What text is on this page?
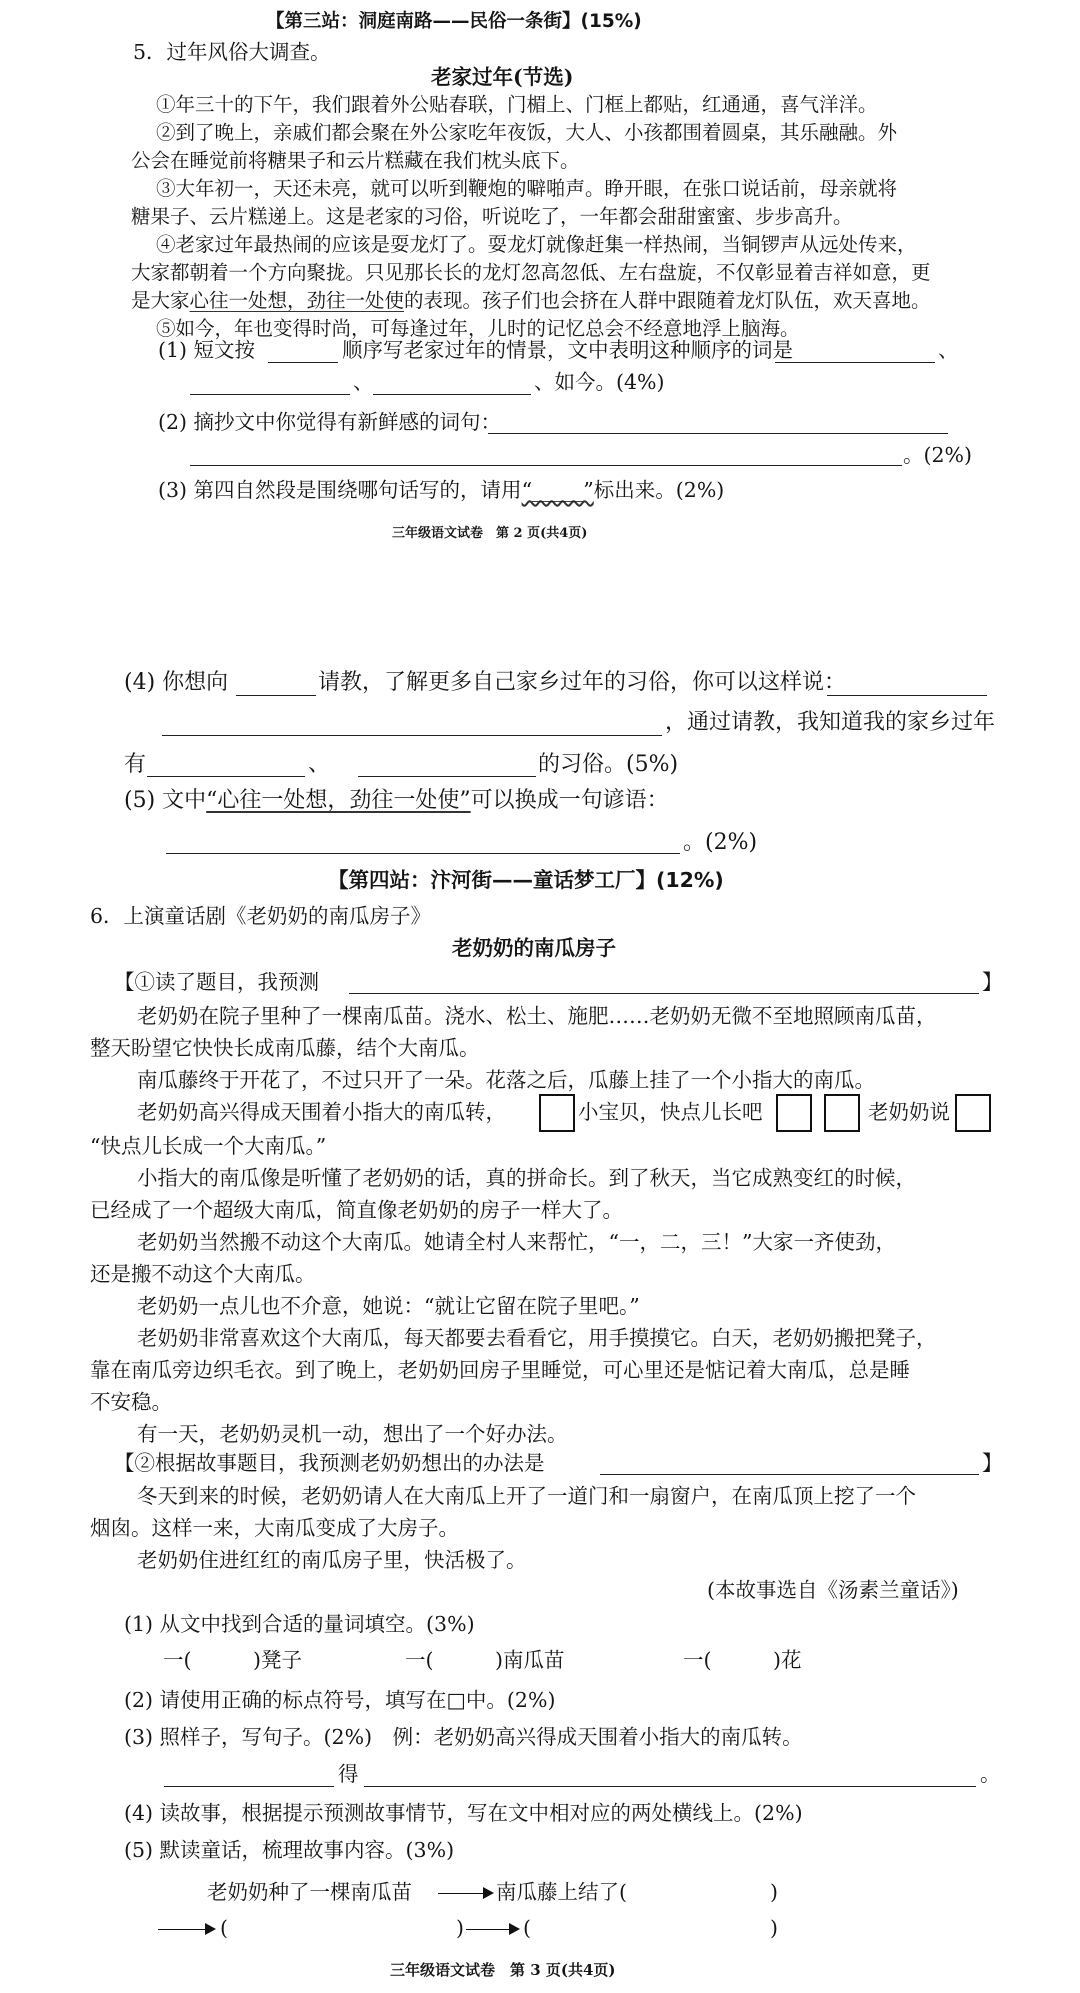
【第三站：洞庭南路——民俗一条街】(15%)
5．过年风俗大调查。
老家过年(节选)
①年三十的下午，我们跟着外公贴春联，门楣上、门框上都贴，红通通，喜气洋洋。
②到了晚上，亲戚们都会聚在外公家吃年夜饭，大人、小孩都围着圆桌，其乐融融。外
公会在睡觉前将糖果子和云片糕藏在我们枕头底下。
③大年初一，天还未亮，就可以听到鞭炮的噼啪声。睁开眼，在张口说话前，母亲就将
糖果子、云片糕递上。这是老家的习俗，听说吃了，一年都会甜甜蜜蜜、步步高升。
④老家过年最热闹的应该是耍龙灯了。耍龙灯就像赶集一样热闹，当铜锣声从远处传来，
大家都朝着一个方向聚拢。只见那长长的龙灯忽高忽低、左右盘旋，不仅彰显着吉祥如意，更
是大家心往一处想，劲往一处使的表现。孩子们也会挤在人群中跟随着龙灯队伍，欢天喜地。
⑤如今，年也变得时尚，可每逢过年，儿时的记忆总会不经意地浮上脑海。
(1) 短文按	顺序写老家过年的情景，文中表明这种顺序的词是	、
、	、如今。(4%)
(2) 摘抄文中你觉得有新鲜感的词句：
。(2%)
(3) 第四自然段是围绕哪句话写的，请用“_____”标出来。(2%)
三年级语文试卷　第 2 页(共4页)
(4) 你想向	请教，了解更多自己家乡过年的习俗，你可以这样说：
，通过请教，我知道我的家乡过年
有	、	的习俗。(5%)
(5) 文中“心往一处想，劲往一处使”可以换成一句谚语：
。(2%)
【第四站：汴河街——童话梦工厂】(12%)
6．上演童话剧《老奶奶的南瓜房子》
老奶奶的南瓜房子
【①读了题目，我预测	】
老奶奶在院子里种了一棵南瓜苗。浇水、松土、施肥……老奶奶无微不至地照顾南瓜苗，
整天盼望它快快长成南瓜藤，结个大南瓜。
南瓜藤终于开花了，不过只开了一朵。花落之后，瓜藤上挂了一个小指大的南瓜。
老奶奶高兴得成天围着小指大的南瓜转，	小宝贝，快点儿长吧	老奶奶说
“快点儿长成一个大南瓜。”
小指大的南瓜像是听懂了老奶奶的话，真的拼命长。到了秋天，当它成熟变红的时候，
已经成了一个超级大南瓜，简直像老奶奶的房子一样大了。
老奶奶当然搬不动这个大南瓜。她请全村人来帮忙，“一，二，三！”大家一齐使劲，
还是搬不动这个大南瓜。
老奶奶一点儿也不介意，她说：“就让它留在院子里吧。”
老奶奶非常喜欢这个大南瓜，每天都要去看看它，用手摸摸它。白天，老奶奶搬把凳子，
靠在南瓜旁边织毛衣。到了晚上，老奶奶回房子里睡觉，可心里还是惦记着大南瓜，总是睡
不安稳。
有一天，老奶奶灵机一动，想出了一个好办法。
【②根据故事题目，我预测老奶奶想出的办法是	】
冬天到来的时候，老奶奶请人在大南瓜上开了一道门和一扇窗户，在南瓜顶上挖了一个
烟囱。这样一来，大南瓜变成了大房子。
老奶奶住进红红的南瓜房子里，快活极了。
(本故事选自《汤素兰童话》)
(1) 从文中找到合适的量词填空。(3%)
一(　　　)凳子	一(　　　)南瓜苗	一(　　　)花
(2) 请使用正确的标点符号，填写在□中。(2%)
(3) 照样子，写句子。(2%)　例：老奶奶高兴得成天围着小指大的南瓜转。
得	。
(4) 读故事，根据提示预测故事情节，写在文中相对应的两处横线上。(2%)
(5) 默读童话，梳理故事内容。(3%)
老奶奶种了一棵南瓜苗	南瓜藤上结了(	)
(	)	(	)
三年级语文试卷　第 3 页(共4页)
